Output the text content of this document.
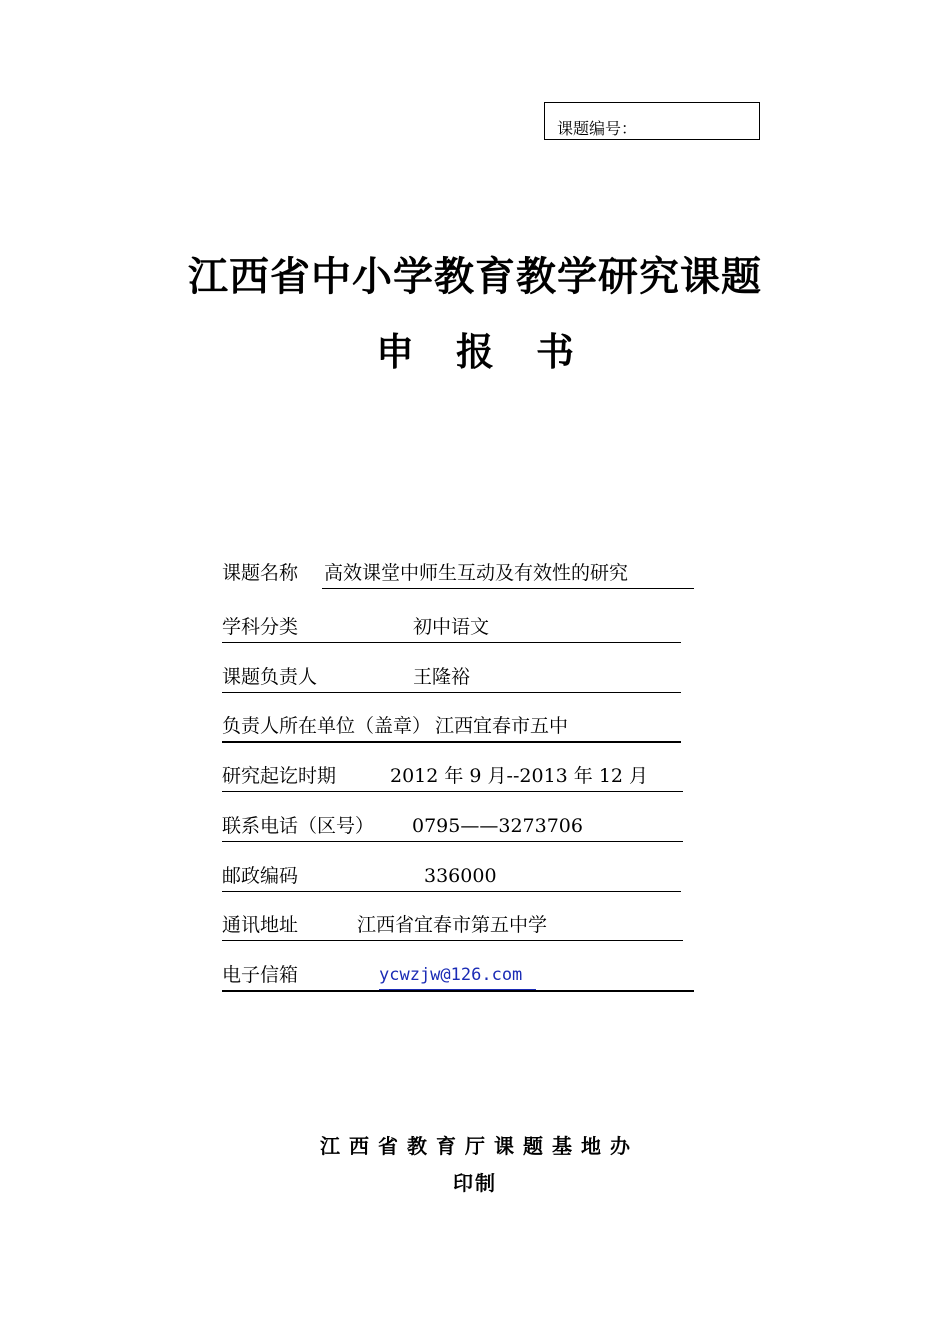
课题编号：
江西省中小学教育教学研究课题
申报书
课题名称 高效课堂中师生互动及有效性的研究
学科分类	初中语文
课题负责人	王隆裕
负责人所在单位（盖章） 江西宜春市五中
研究起讫时期	2012 年 9 月--2013 年 12 月
联系电话（区号） 0795——3273706
邮政编码	336000
通讯地址	江西省宜春市第五中学
电子信箱	ycwzjw@126.com
江西省教育厅课题基地办
印制
